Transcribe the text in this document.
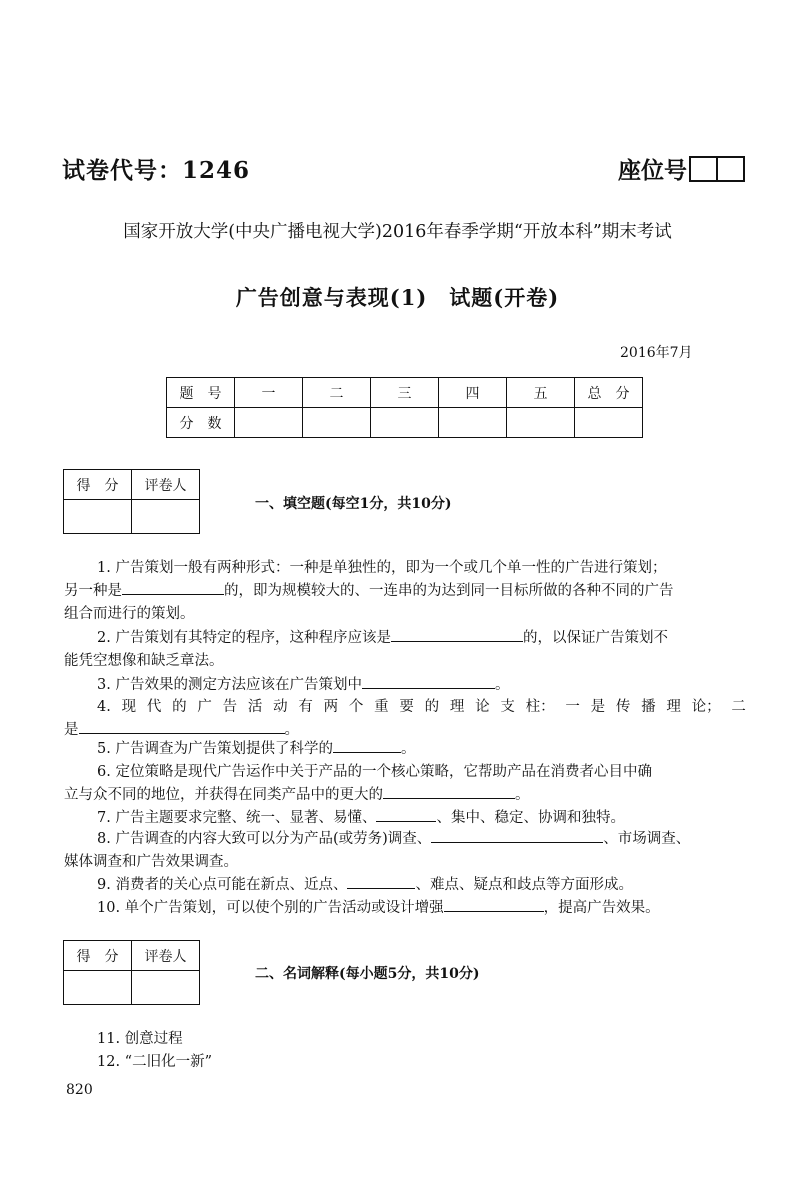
试卷代号：1246	座位号
国家开放大学(中央广播电视大学)2016年春季学期“开放本科”期末考试
广告创意与表现(1)　试题(开卷)
2016年7月
题　号	一	二	三	四	五	总　分
分　数						
得　分	评卷人

一、填空题(每空1分，共10分)
1. 广告策划一般有两种形式：一种是单独性的，即为一个或几个单一性的广告进行策划；
另一种是	的，即为规模较大的、一连串的为达到同一目标所做的各种不同的广告
组合而进行的策划。
2. 广告策划有其特定的程序，这种程序应该是	的，以保证广告策划不
能凭空想像和缺乏章法。
3. 广告效果的测定方法应该在广告策划中	。
4. 现 代 的 广 告 活 动 有 两 个 重 要 的 理 论 支 柱： 一 是 传 播 理 论； 二
是	。
5. 广告调查为广告策划提供了科学的	。
6. 定位策略是现代广告运作中关于产品的一个核心策略，它帮助产品在消费者心目中确
立与众不同的地位，并获得在同类产品中的更大的	。
7. 广告主题要求完整、统一、显著、易懂、	、集中、稳定、协调和独特。
8. 广告调查的内容大致可以分为产品(或劳务)调查、	、市场调查、
媒体调查和广告效果调查。
9. 消费者的关心点可能在新点、近点、	、难点、疑点和歧点等方面形成。
10. 单个广告策划，可以使个别的广告活动或设计增强	，提高广告效果。
得　分	评卷人

二、名词解释(每小题5分，共10分)
11. 创意过程
12. “二旧化一新”
820
